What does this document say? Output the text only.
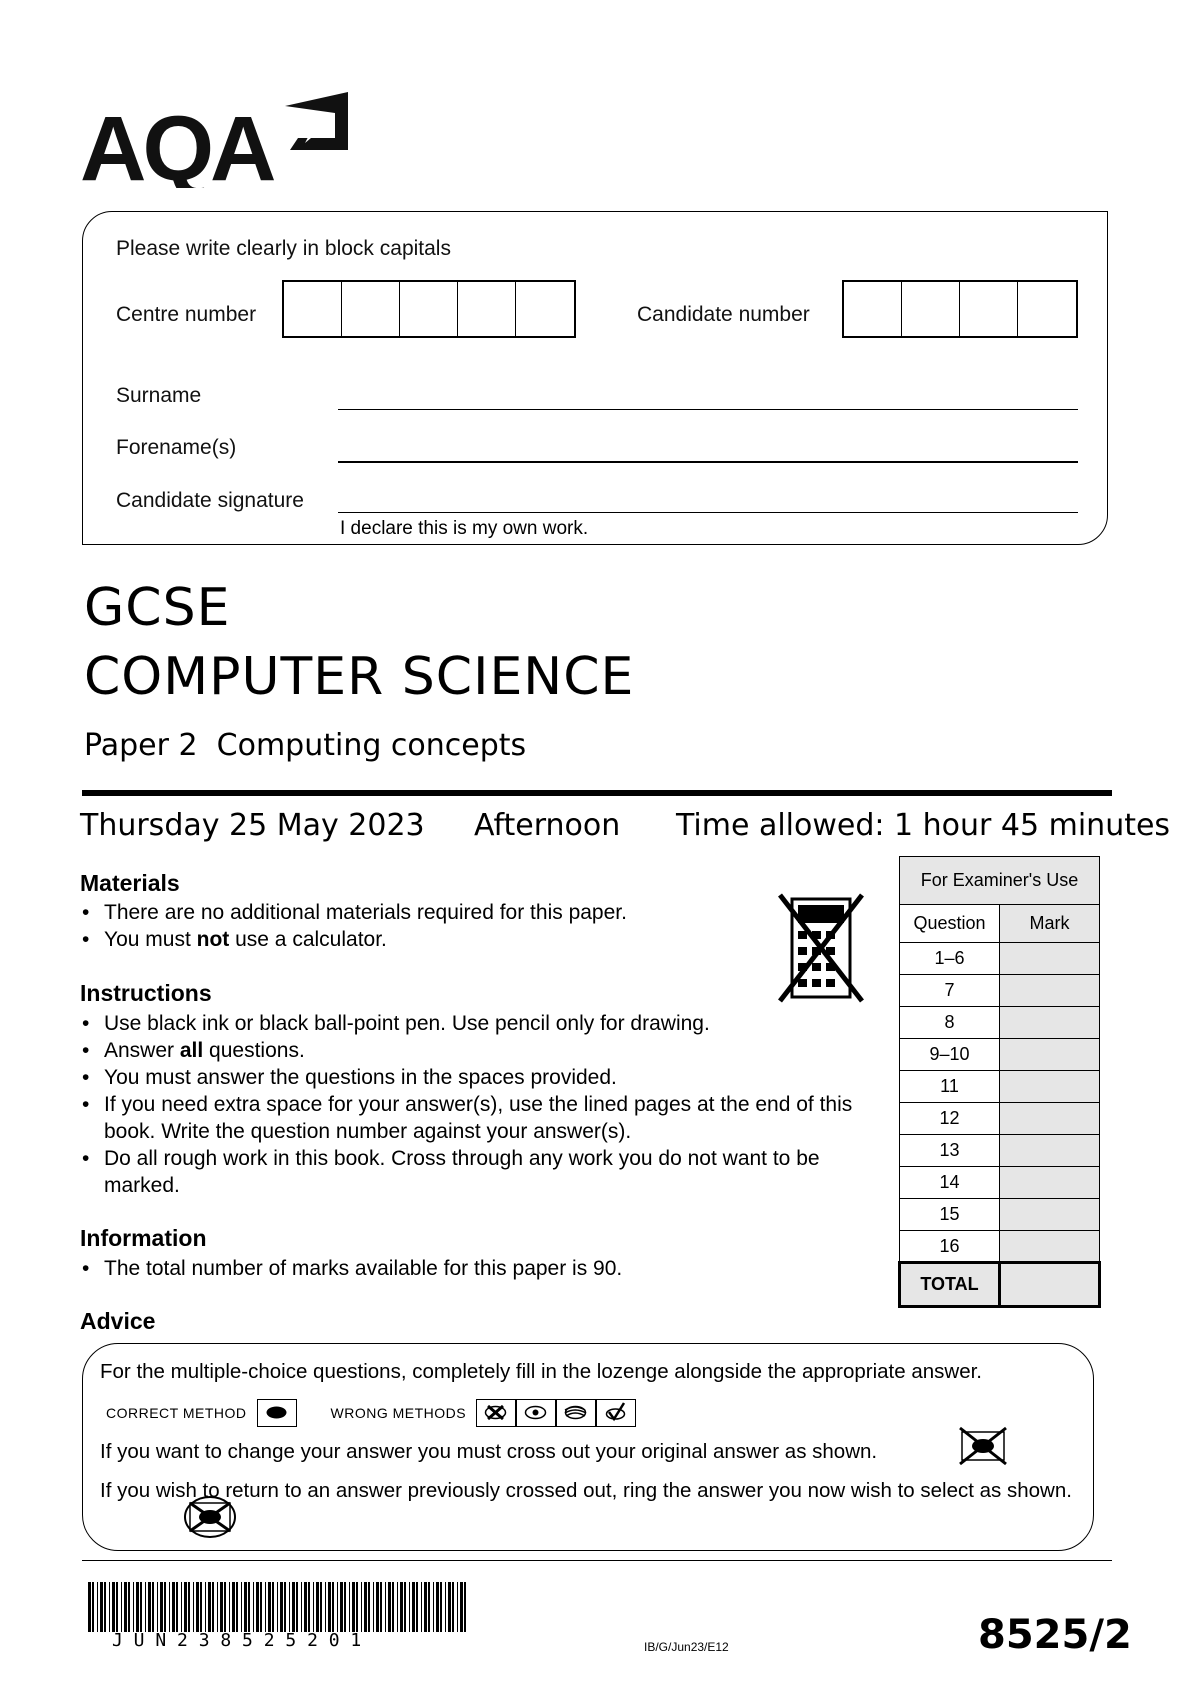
AQA
Please write clearly in block capitals
Centre number	Candidate number
Surname
Forename(s)
Candidate signature
I declare this is my own work.
GCSE
COMPUTER SCIENCE
Paper 2  Computing concepts
Thursday 25 May 2023 Afternoon Time allowed: 1 hour 45 minutes
Materials
• There are no additional materials required for this paper.
• You must not use a calculator.
Instructions
• Use black ink or black ball-point pen. Use pencil only for drawing.
• Answer all questions.
• You must answer the questions in the spaces provided.
• If you need extra space for your answer(s), use the lined pages at the end of this book. Write the question number against your answer(s).
• Do all rough work in this book. Cross through any work you do not want to be marked.
Information
• The total number of marks available for this paper is 90.
Advice
For the multiple-choice questions, completely fill in the lozenge alongside the appropriate answer.
CORRECT METHOD	WRONG METHODS
If you want to change your answer you must cross out your original answer as shown.
If you wish to return to an answer previously crossed out, ring the answer you now wish to select as shown.
For Examiner's Use	
Question	Mark
1–6	
7	
8	
9–10	
11	
12	
13	
14	
15	
16	
TOTAL	
J U N 2 3 8 5 2 5 2 0 1	IB/G/Jun23/E12	8525/2
